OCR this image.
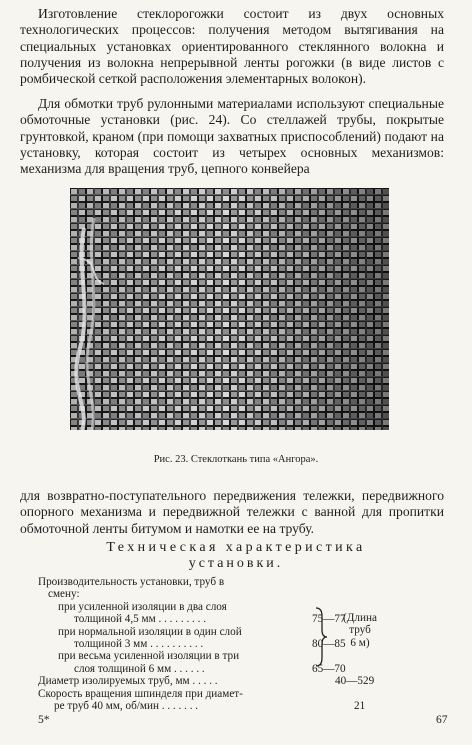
Изготовление стеклорогожки состоит из двух основных технологических процессов: получения методом вытягивания на специальных установках ориентированного стеклянного волокна и получения из волокна непрерывной ленты рогожки (в виде листов с ромбической сеткой расположения элементарных волокон).

Для обмотки труб рулонными материалами используют специальные обмоточные установки (рис. 24). Со стеллажей трубы, покрытые грунтовкой, краном (при помощи захватных приспособлений) подают на установку, которая состоит из четырех основных механизмов: механизма для вращения труб, цепного конвейера

Рис. 23. Стеклоткань типа «Ангора».

для возвратно-поступательного передвижения тележки, передвижного опорного механизма и передвижной тележки с ванной для пропитки обмоточной ленты битумом и намотки ее на трубу.

Техническая характеристика
установки.
Производительность установки, труб в
смену:
при усиленной изоляции в два слоя
толщиной 4,5 мм . . . . . . . . .	75—77
при нормальной изоляции в один слой
толщиной 3 мм . . . . . . . . . .	80—85
при весьма усиленной изоляции в три
слоя толщиной 6 мм . . . . . .	65—70
Диаметр изолируемых труб, мм . . . . .	40—529
Скорость вращения шпинделя при диамет-
ре труб 40 мм, об/мин . . . . . . .	21
(Длина
труб
6 м)
5*	67
